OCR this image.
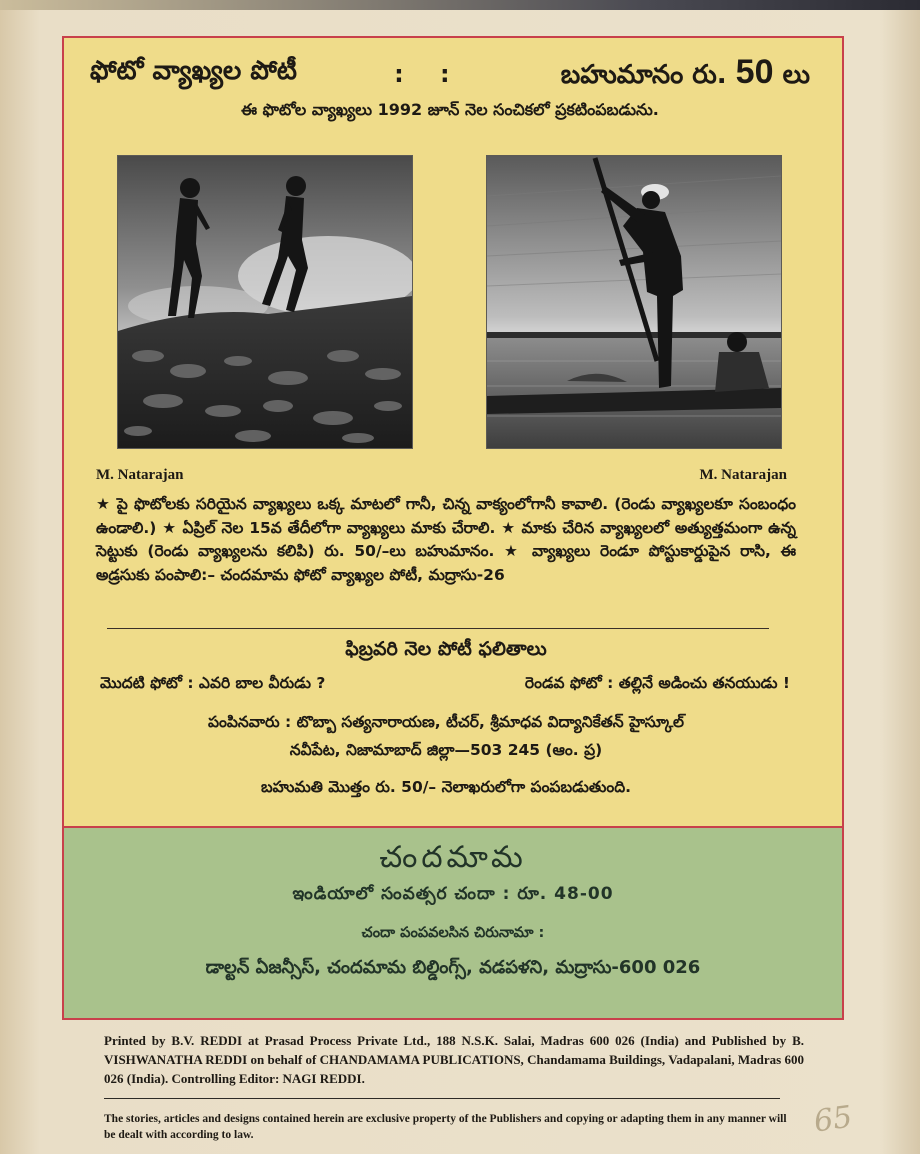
ఫోటో వ్యాఖ్యల పోటీ	: :	బహుమానం రు. 50 లు
ఈ ఫొటోల వ్యాఖ్యలు 1992 జూన్ నెల సంచికలో ప్రకటింపబడును.
M. Natarajan	M. Natarajan
★ పై ఫొటోలకు సరియైన వ్యాఖ్యలు ఒక్క మాటలో గానీ, చిన్న వాక్యంలోగానీ కావాలి. (రెండు వ్యాఖ్యలకూ సంబంధం ఉండాలి.) ★ ఏప్రిల్ నెల 15వ తేదీలోగా వ్యాఖ్యలు మాకు చేరాలి. ★ మాకు చేరిన వ్యాఖ్యలలో అత్యుత్తమంగా ఉన్న సెట్టుకు (రెండు వ్యాఖ్యలను కలిపి) రు. 50/–లు బహుమానం. ★ వ్యాఖ్యలు రెండూ పోస్టుకార్డుపైన రాసి, ఈ అడ్రసుకు పంపాలి:– చందమామ ఫోటో వ్యాఖ్యల పోటీ, మద్రాసు-26
ఫిబ్రవరి నెల పోటీ ఫలితాలు
మొదటి ఫోటో : ఎవరి బాల వీరుడు ?	రెండవ ఫోటో : తల్లినే అడించు తనయుడు !
పంపినవారు : టొబ్బా సత్యనారాయణ, టీచర్, శ్రీమాధవ విద్యానికేతన్ హైస్కూల్
నవీపేట, నిజామాబాద్ జిల్లా—503 245 (ఆం. ప్ర)
బహుమతి మొత్తం రు. 50/– నెలాఖరులోగా పంపబడుతుంది.
చందమామ
ఇండియాలో సంవత్సర చందా : రూ. 48-00
చందా పంపవలసిన చిరునామా :
డాల్టన్ ఏజన్సీస్, చందమామ బిల్డింగ్స్, వడపళని, మద్రాసు-600 026
Printed by B.V. REDDI at Prasad Process Private Ltd., 188 N.S.K. Salai, Madras 600 026 (India) and Published by B. VISHWANATHA REDDI on behalf of CHANDAMAMA PUBLICATIONS, Chandamama Buildings, Vadapalani, Madras 600 026 (India). Controlling Editor: NAGI REDDI.
The stories, articles and designs contained herein are exclusive property of the Publishers and copying or adapting them in any manner will be dealt with according to law.	65
